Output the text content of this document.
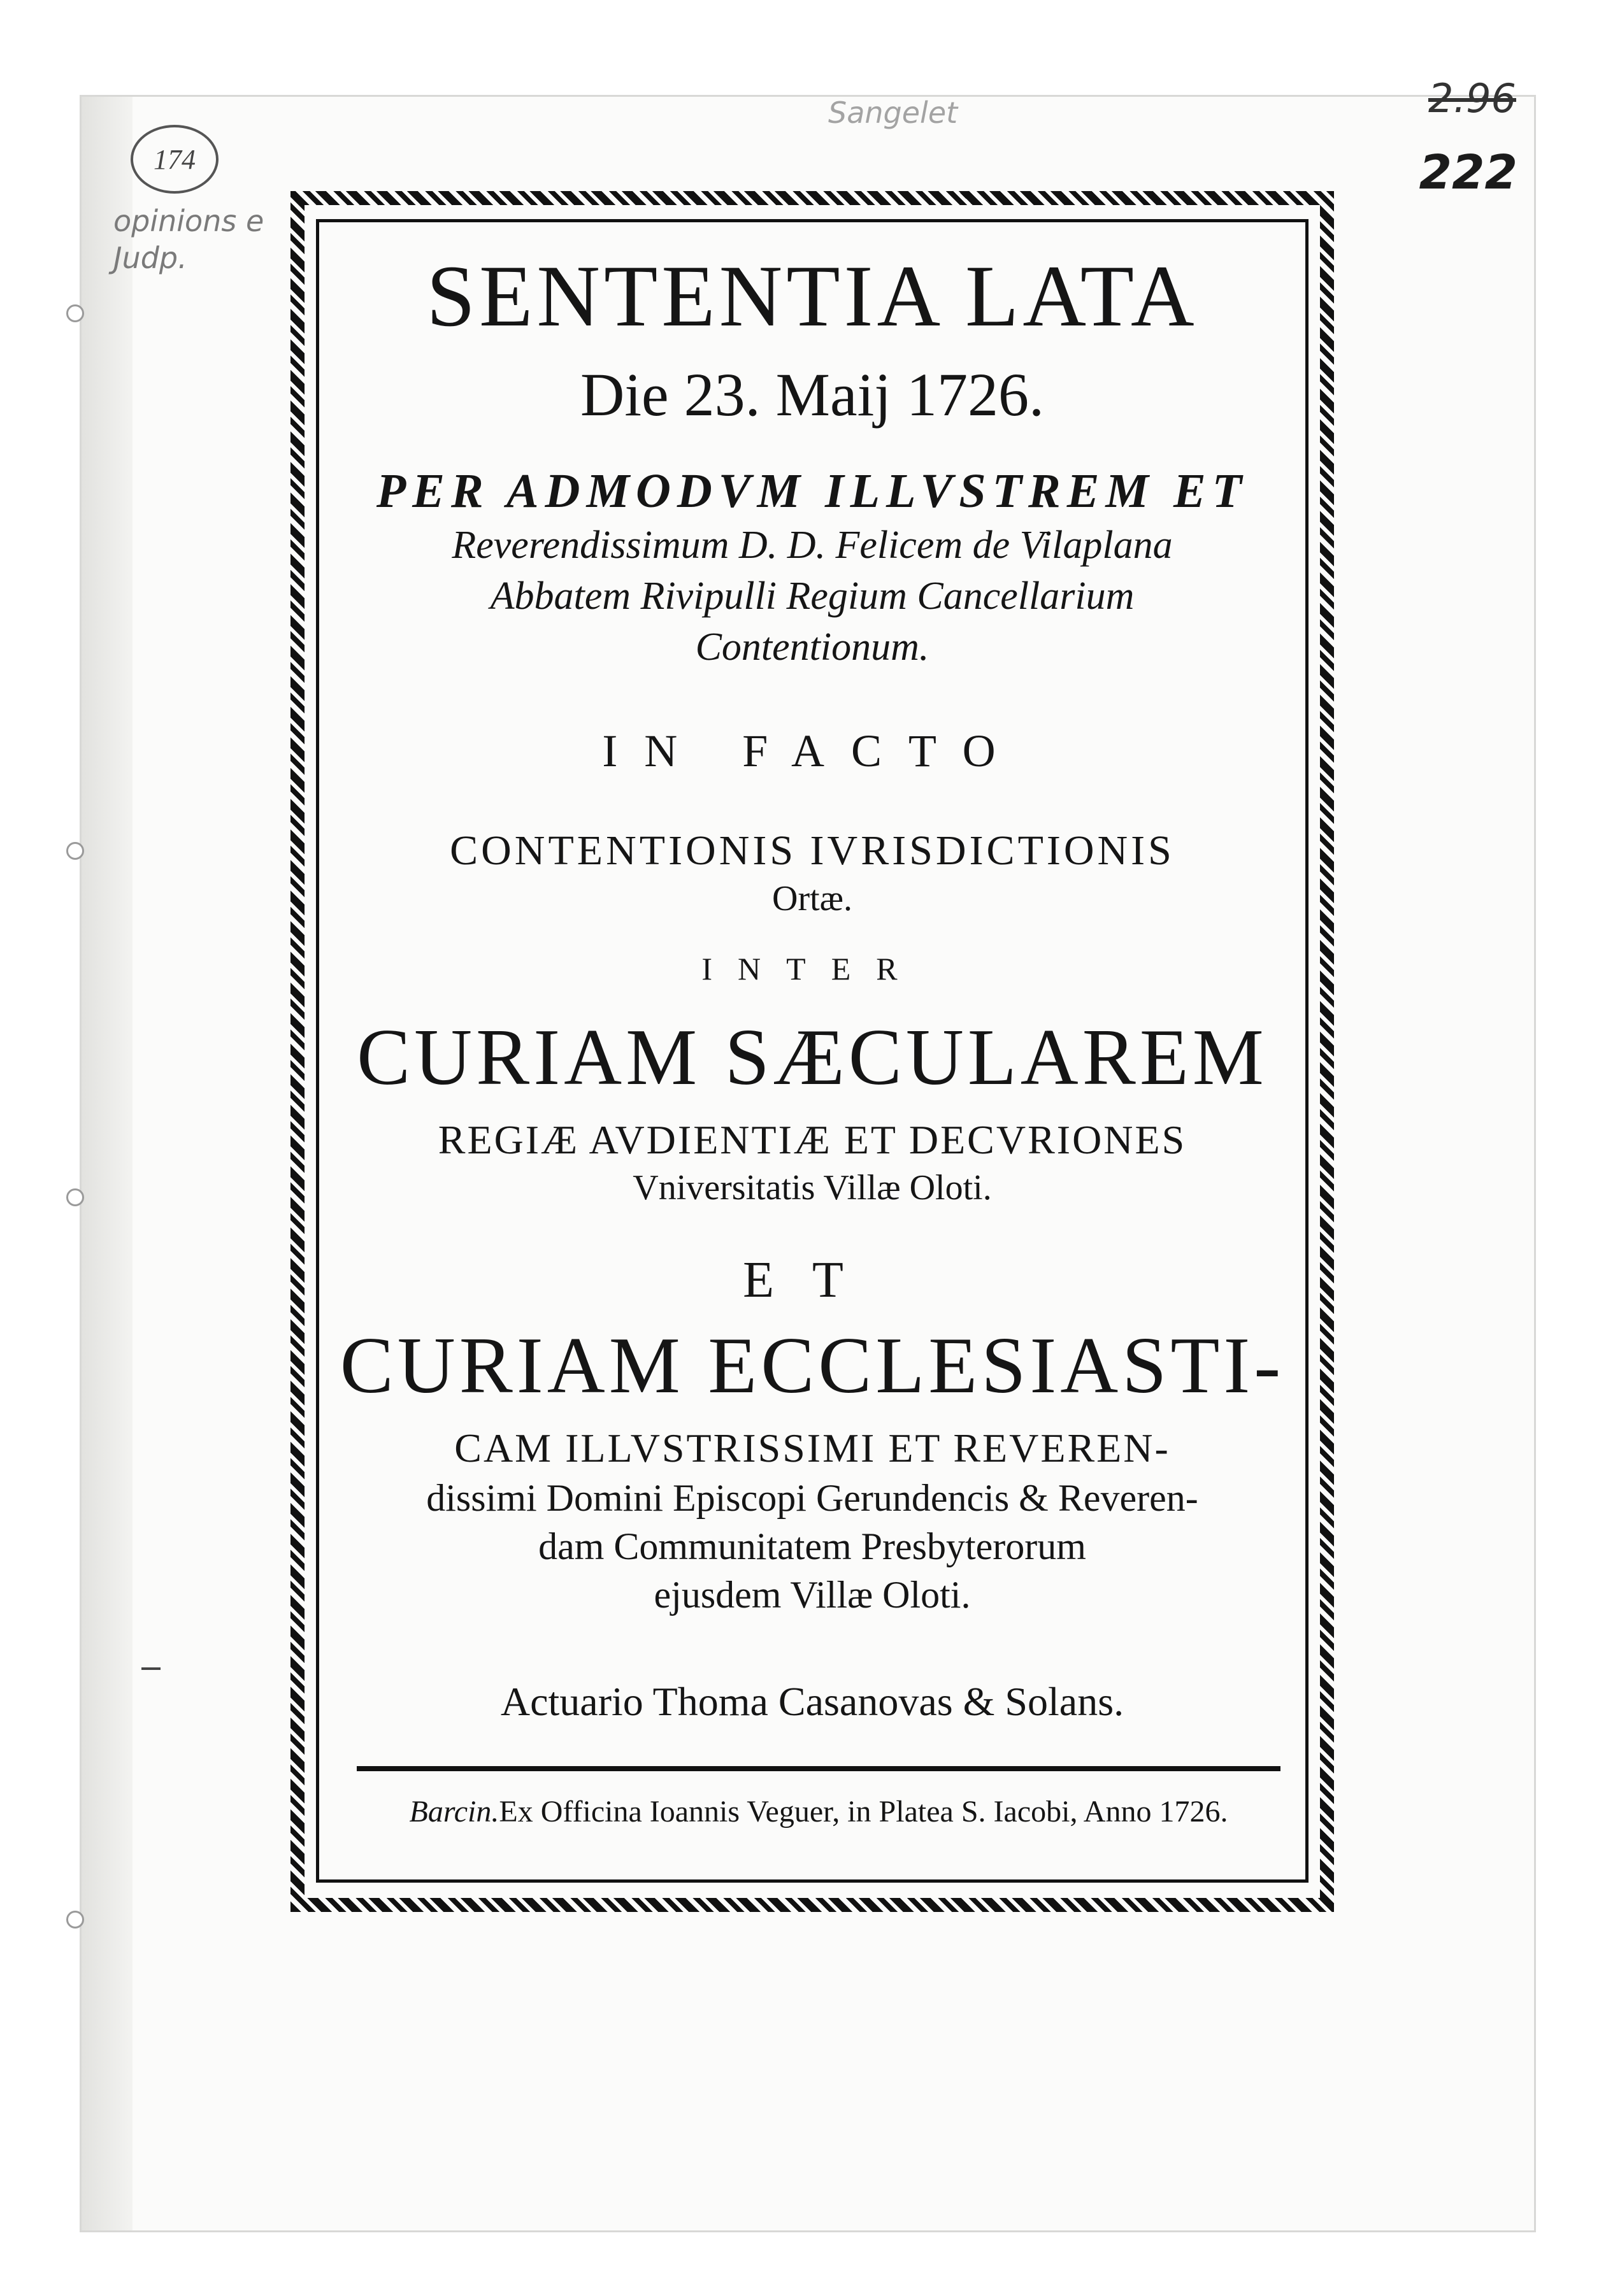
174
opinions e Judp.
Sangelet	2.96
222
SENTENTIA LATA
Die 23. Maij 1726.
PER ADMODVM ILLVSTREM ET
Reverendissimum D. D. Felicem de Vilaplana
Abbatem Rivipulli Regium Cancellarium
Contentionum.
IN FACTO
CONTENTIONIS IVRISDICTIONIS
Ortæ.
INTER
CURIAM SÆCULAREM
REGIÆ AVDIENTIÆ ET DECVRIONES
Vniversitatis Villæ Oloti.
ET
CURIAM ECCLESIASTI-
CAM ILLVSTRISSIMI ET REVEREN-
dissimi Domini Episcopi Gerundencis & Reveren-
dam Communitatem Presbyterorum
ejusdem Villæ Oloti.
Actuario Thoma Casanovas & Solans.
Barcin.Ex Officina Ioannis Veguer, in Platea S. Iacobi, Anno 1726.
